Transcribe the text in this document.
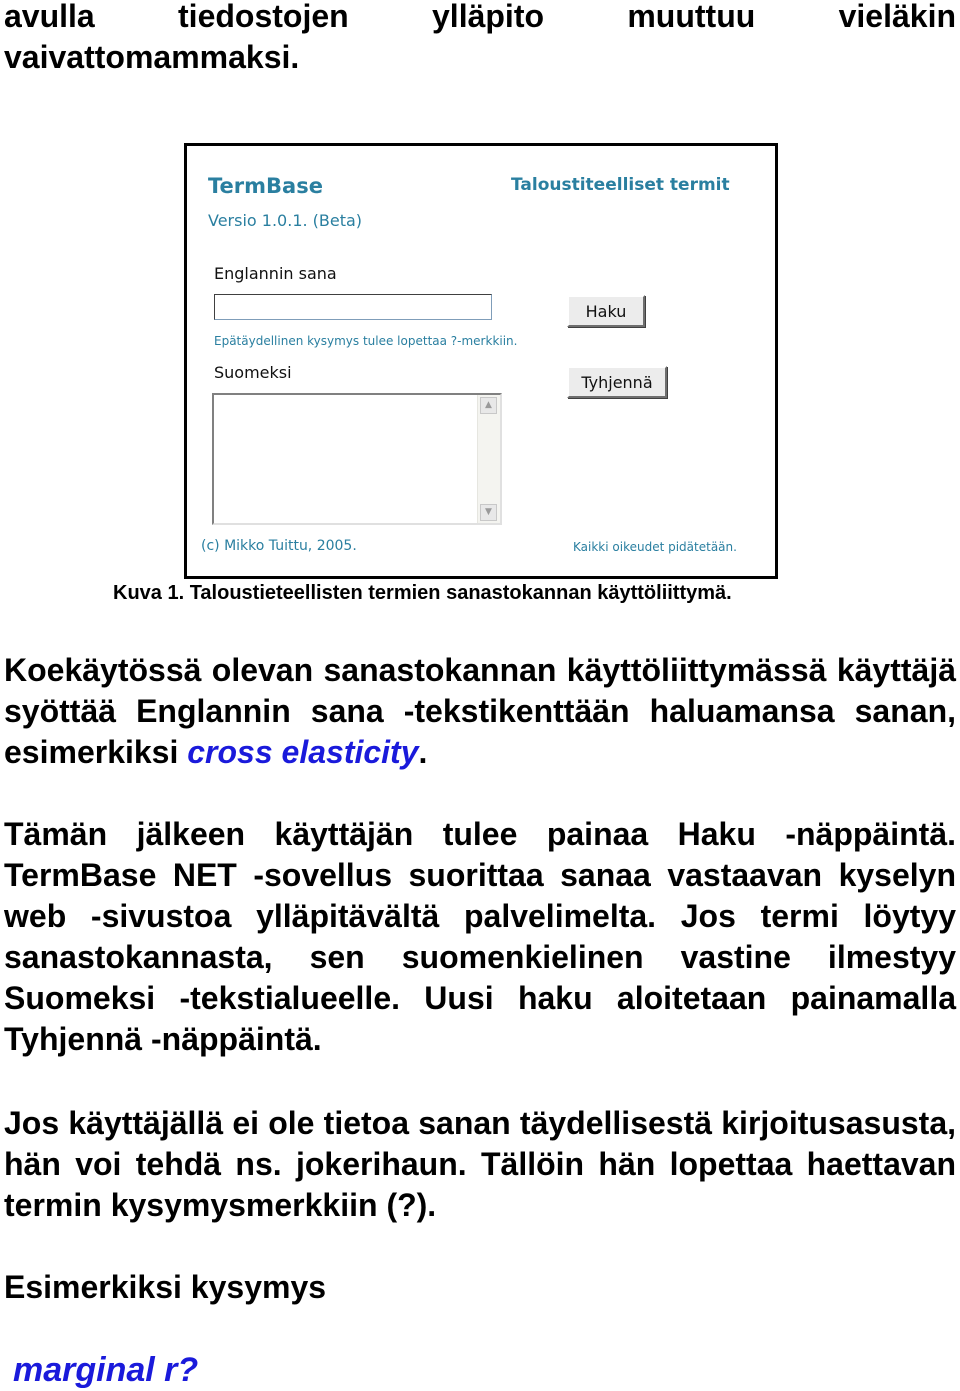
avulla tiedostojen ylläpito muuttuu vieläkin
vaivattomammaksi.

TermBase
Versio 1.0.1. (Beta)
Taloustiteelliset termit
Englannin sana
Epätäydellinen kysymys tulee lopettaa ?-merkkiin.
Haku
Tyhjennä
Suomeksi
▲
▼
(c) Mikko Tuittu, 2005.	Kaikki oikeudet pidätetään.
Kuva 1. Taloustieteellisten termien sanastokannan käyttöliittymä.

Koekäytössä olevan sanastokannan käyttöliittymässä käyttäjä syöttää Englannin sana -tekstikenttään haluamansa sanan, esimerkiksi cross elasticity.

Tämän jälkeen käyttäjän tulee painaa Haku -näppäintä. TermBase NET -sovellus suorittaa sanaa vastaavan kyselyn web -sivustoa ylläpitävältä palvelimelta. Jos termi löytyy sanastokannasta, sen suomenkielinen vastine ilmestyy Suomeksi -tekstialueelle. Uusi haku aloitetaan painamalla Tyhjennä -näppäintä.

Jos käyttäjällä ei ole tietoa sanan täydellisestä kirjoitusasusta, hän voi tehdä ns. jokerihaun. Tällöin hän lopettaa haettavan termin kysymysmerkkiin (?).

Esimerkiksi kysymys

marginal r?
